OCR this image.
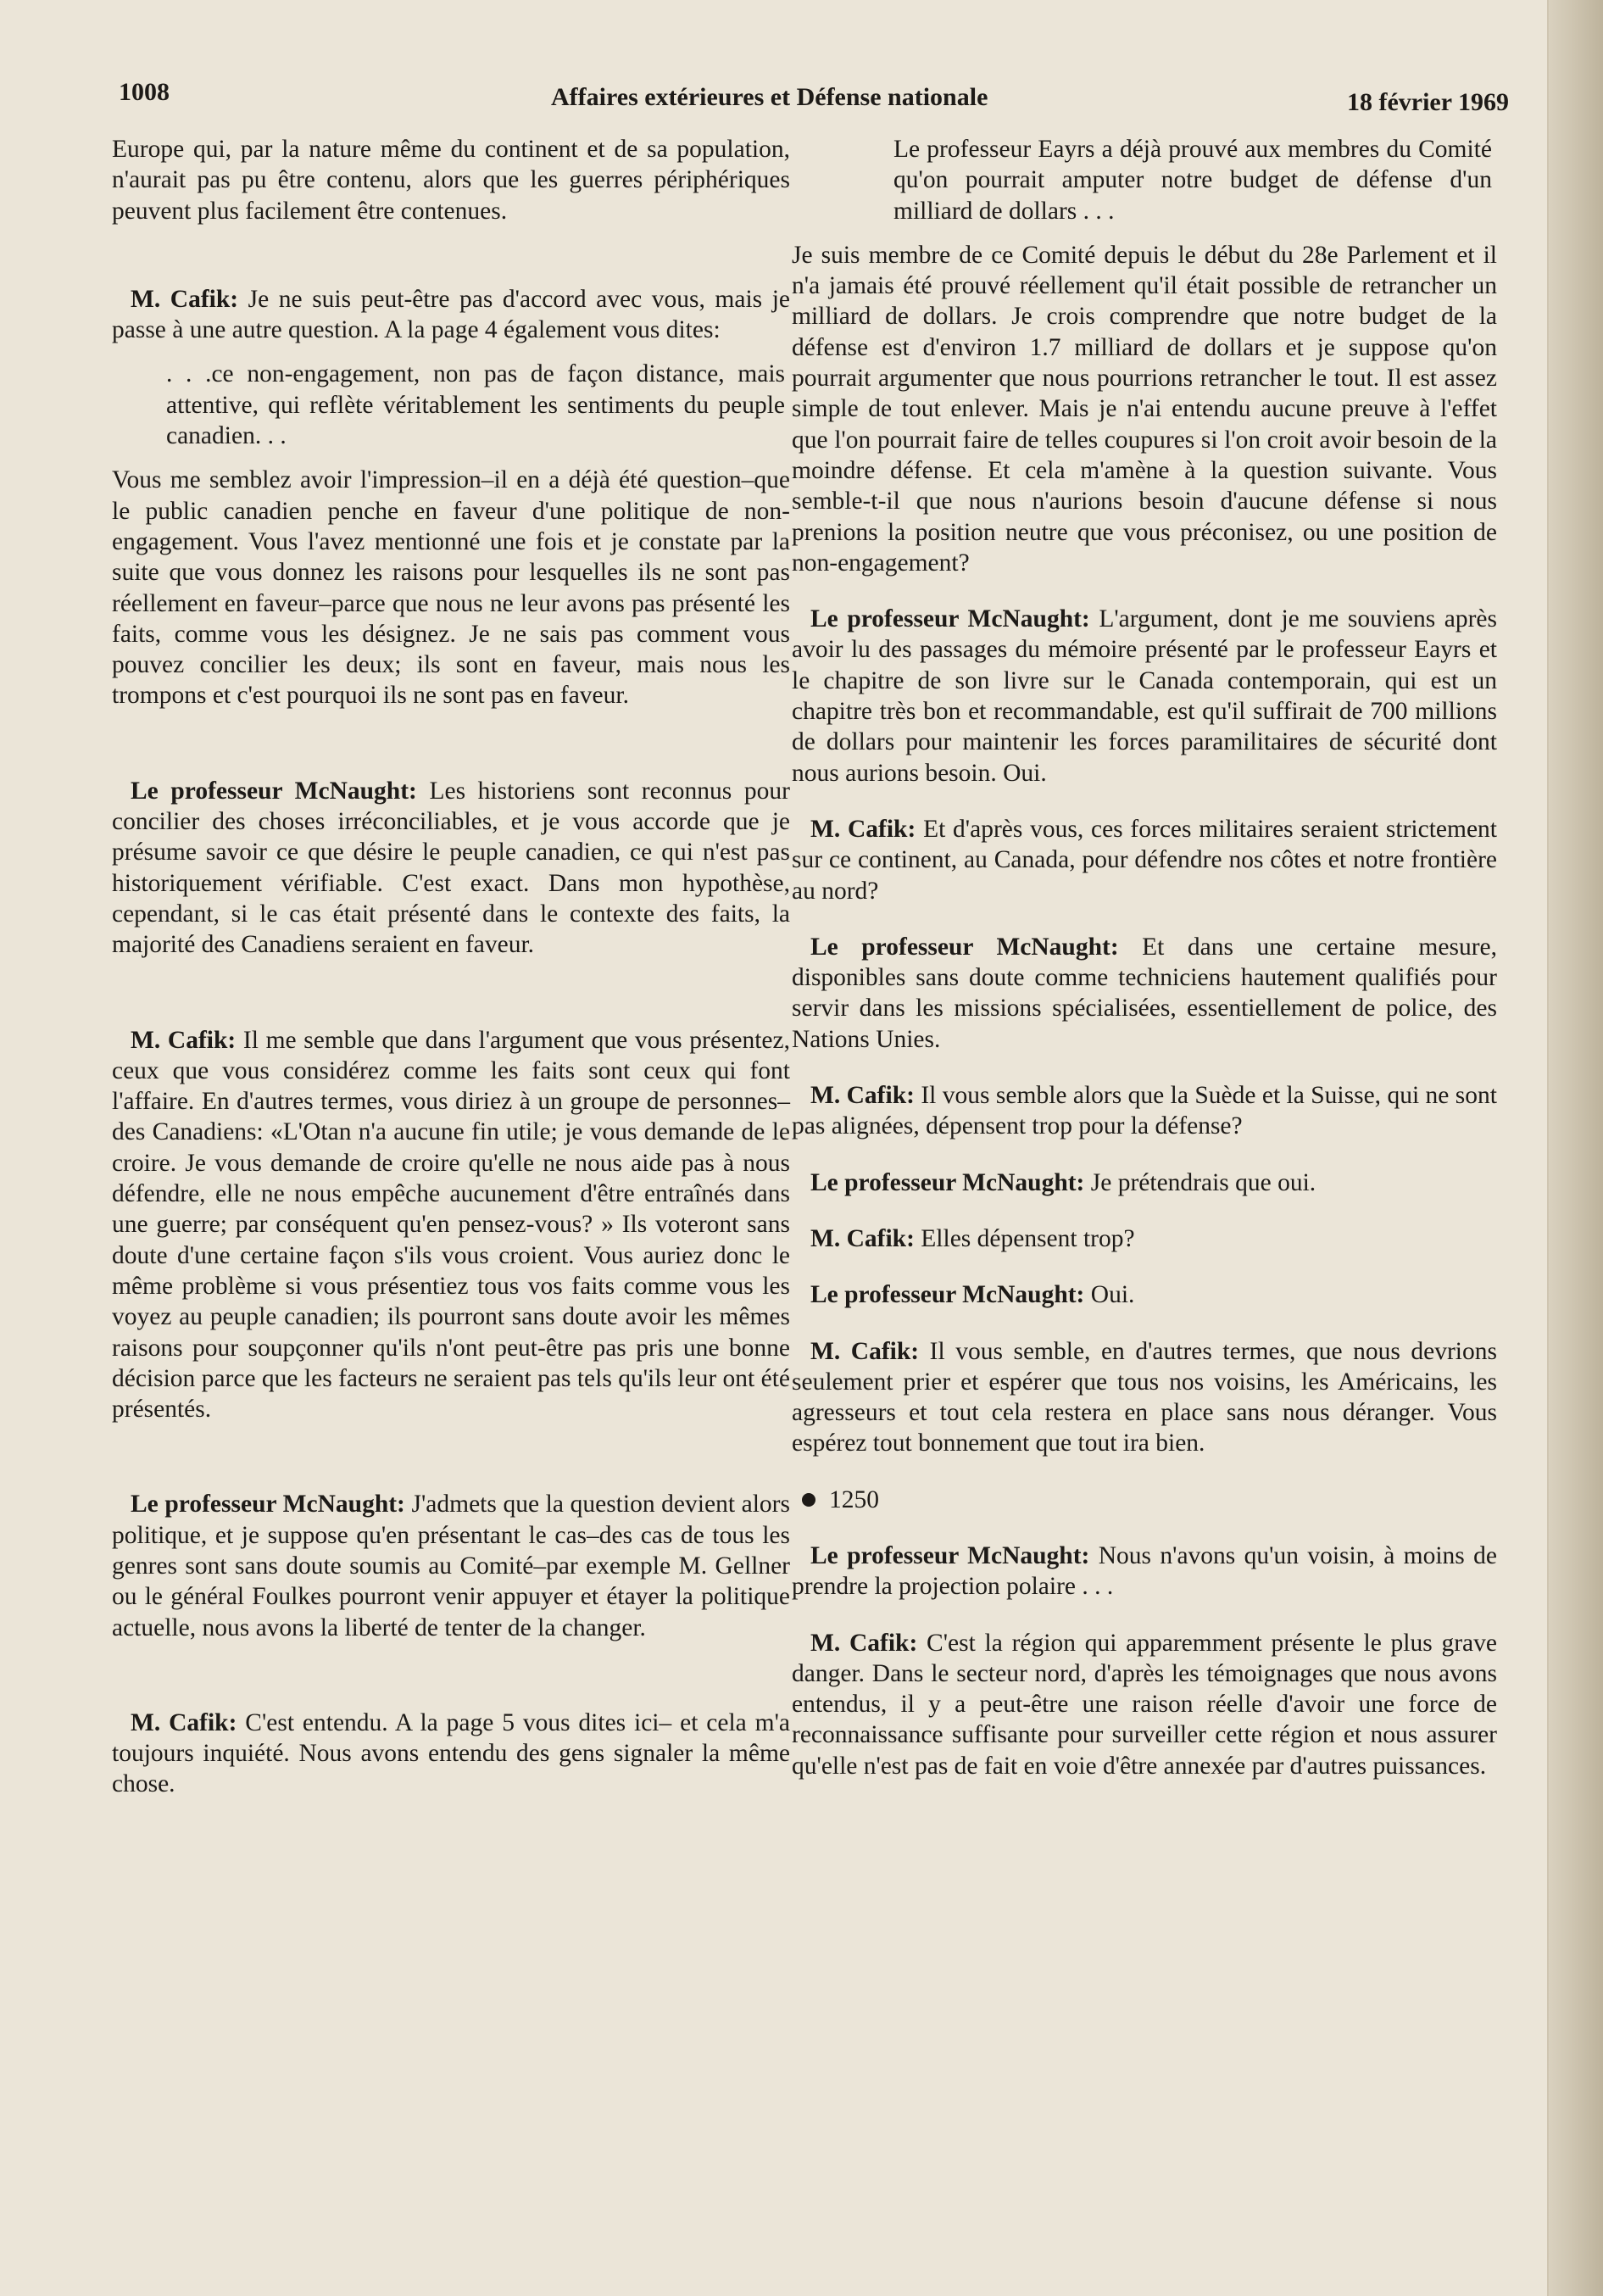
1008	Affaires extérieures et Défense nationale	18 février 1969

Europe qui, par la nature même du continent et de sa population, n'aurait pas pu être contenu, alors que les guerres périphériques peuvent plus facilement être contenues.

M. Cafik: Je ne suis peut-être pas d'accord avec vous, mais je passe à une autre question. A la page 4 également vous dites:

. . .ce non-engagement, non pas de façon distance, mais attentive, qui reflète véritablement les sentiments du peuple canadien. . .

Vous me semblez avoir l'impression–il en a déjà été question–que le public canadien penche en faveur d'une politique de non-engagement. Vous l'avez mentionné une fois et je constate par la suite que vous donnez les raisons pour lesquelles ils ne sont pas réellement en faveur–parce que nous ne leur avons pas présenté les faits, comme vous les désignez. Je ne sais pas comment vous pouvez concilier les deux; ils sont en faveur, mais nous les trompons et c'est pourquoi ils ne sont pas en faveur.

Le professeur McNaught: Les historiens sont reconnus pour concilier des choses irréconciliables, et je vous accorde que je présume savoir ce que désire le peuple canadien, ce qui n'est pas historiquement vérifiable. C'est exact. Dans mon hypothèse, cependant, si le cas était présenté dans le contexte des faits, la majorité des Canadiens seraient en faveur.

M. Cafik: Il me semble que dans l'argument que vous présentez, ceux que vous considérez comme les faits sont ceux qui font l'affaire. En d'autres termes, vous diriez à un groupe de personnes–des Canadiens: «L'Otan n'a aucune fin utile; je vous demande de le croire. Je vous demande de croire qu'elle ne nous aide pas à nous défendre, elle ne nous empêche aucunement d'être entraînés dans une guerre; par conséquent qu'en pensez-vous? » Ils voteront sans doute d'une certaine façon s'ils vous croient. Vous auriez donc le même problème si vous présentiez tous vos faits comme vous les voyez au peuple canadien; ils pourront sans doute avoir les mêmes raisons pour soupçonner qu'ils n'ont peut-être pas pris une bonne décision parce que les facteurs ne seraient pas tels qu'ils leur ont été présentés.

Le professeur McNaught: J'admets que la question devient alors politique, et je suppose qu'en présentant le cas–des cas de tous les genres sont sans doute soumis au Comité–par exemple M. Gellner ou le général Foulkes pourront venir appuyer et étayer la politique actuelle, nous avons la liberté de tenter de la changer.

M. Cafik: C'est entendu. A la page 5 vous dites ici– et cela m'a toujours inquiété. Nous avons entendu des gens signaler la même chose.

Le professeur Eayrs a déjà prouvé aux membres du Comité qu'on pourrait amputer notre budget de défense d'un milliard de dollars . . .

Je suis membre de ce Comité depuis le début du 28e Parlement et il n'a jamais été prouvé réellement qu'il était possible de retrancher un milliard de dollars. Je crois comprendre que notre budget de la défense est d'environ 1.7 milliard de dollars et je suppose qu'on pourrait argumenter que nous pourrions retrancher le tout. Il est assez simple de tout enlever. Mais je n'ai entendu aucune preuve à l'effet que l'on pourrait faire de telles coupures si l'on croit avoir besoin de la moindre défense. Et cela m'amène à la question suivante. Vous semble-t-il que nous n'aurions besoin d'aucune défense si nous prenions la position neutre que vous préconisez, ou une position de non-engagement?

Le professeur McNaught: L'argument, dont je me souviens après avoir lu des passages du mémoire présenté par le professeur Eayrs et le chapitre de son livre sur le Canada contemporain, qui est un chapitre très bon et recommandable, est qu'il suffirait de 700 millions de dollars pour maintenir les forces paramilitaires de sécurité dont nous aurions besoin. Oui.

M. Cafik: Et d'après vous, ces forces militaires seraient strictement sur ce continent, au Canada, pour défendre nos côtes et notre frontière au nord?

Le professeur McNaught: Et dans une certaine mesure, disponibles sans doute comme techniciens hautement qualifiés pour servir dans les missions spécialisées, essentiellement de police, des Nations Unies.

M. Cafik: Il vous semble alors que la Suède et la Suisse, qui ne sont pas alignées, dépensent trop pour la défense?

Le professeur McNaught: Je prétendrais que oui.

M. Cafik: Elles dépensent trop?

Le professeur McNaught: Oui.

M. Cafik: Il vous semble, en d'autres termes, que nous devrions seulement prier et espérer que tous nos voisins, les Américains, les agresseurs et tout cela restera en place sans nous déranger. Vous espérez tout bonnement que tout ira bien.

1250

Le professeur McNaught: Nous n'avons qu'un voisin, à moins de prendre la projection polaire . . .

M. Cafik: C'est la région qui apparemment présente le plus grave danger. Dans le secteur nord, d'après les témoignages que nous avons entendus, il y a peut-être une raison réelle d'avoir une force de reconnaissance suffisante pour surveiller cette région et nous assurer qu'elle n'est pas de fait en voie d'être annexée par d'autres puissances.
